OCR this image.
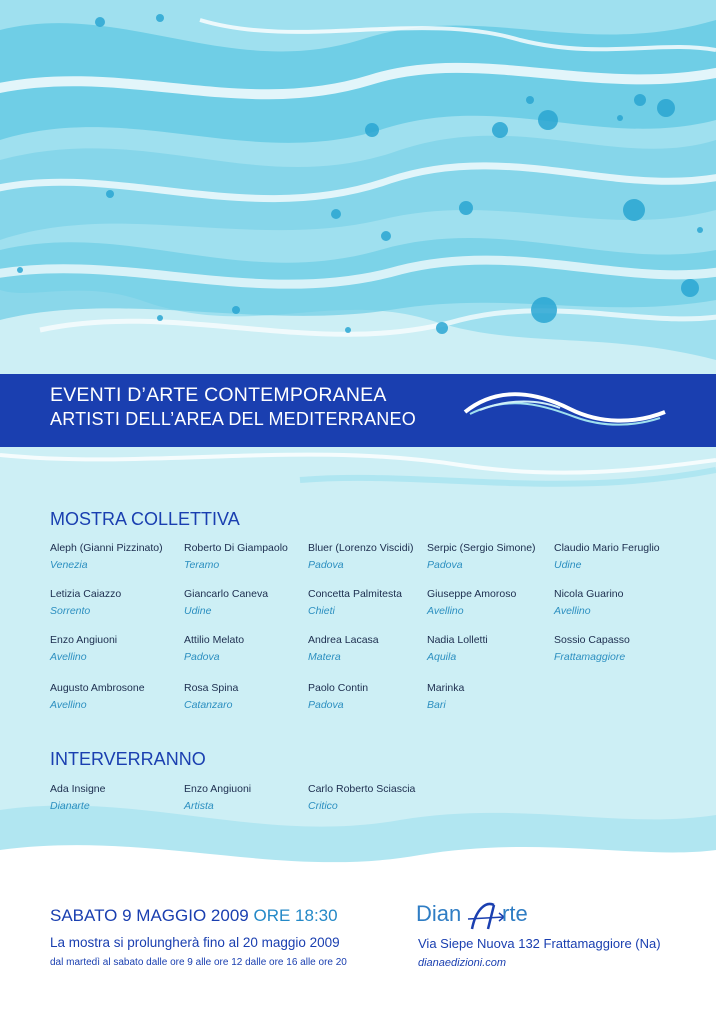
EVENTI D’ARTE CONTEMPORANEA
ARTISTI DELL’AREA DEL MEDITERRANEO
MOSTRA COLLETTIVA
Aleph (Gianni Pizzinato)
Venezia
Roberto Di Giampaolo
Teramo
Bluer (Lorenzo Viscidi)
Padova
Serpic (Sergio Simone)
Padova
Claudio Mario Feruglio
Udine
Letizia Caiazzo
Sorrento
Giancarlo Caneva
Udine
Concetta Palmitesta
Chieti
Giuseppe Amoroso
Avellino
Nicola Guarino
Avellino
Enzo Angiuoni
Avellino
Attilio Melato
Padova
Andrea Lacasa
Matera
Nadia Lolletti
Aquila
Sossio Capasso
Frattamaggiore
Augusto Ambrosone
Avellino
Rosa Spina
Catanzaro
Paolo Contin
Padova
Marinka
Bari
INTERVERRANNO
Ada Insigne
Dianarte
Enzo Angiuoni
Artista
Carlo Roberto Sciascia
Critico
SABATO 9 MAGGIO 2009 ORE 18:30
La mostra si prolungherà fino al 20 maggio 2009
dal martedì al sabato dalle ore 9 alle ore 12 dalle ore 16 alle ore 20
Dian rte
Via Siepe Nuova 132 Frattamaggiore (Na)
dianaedizioni.com
